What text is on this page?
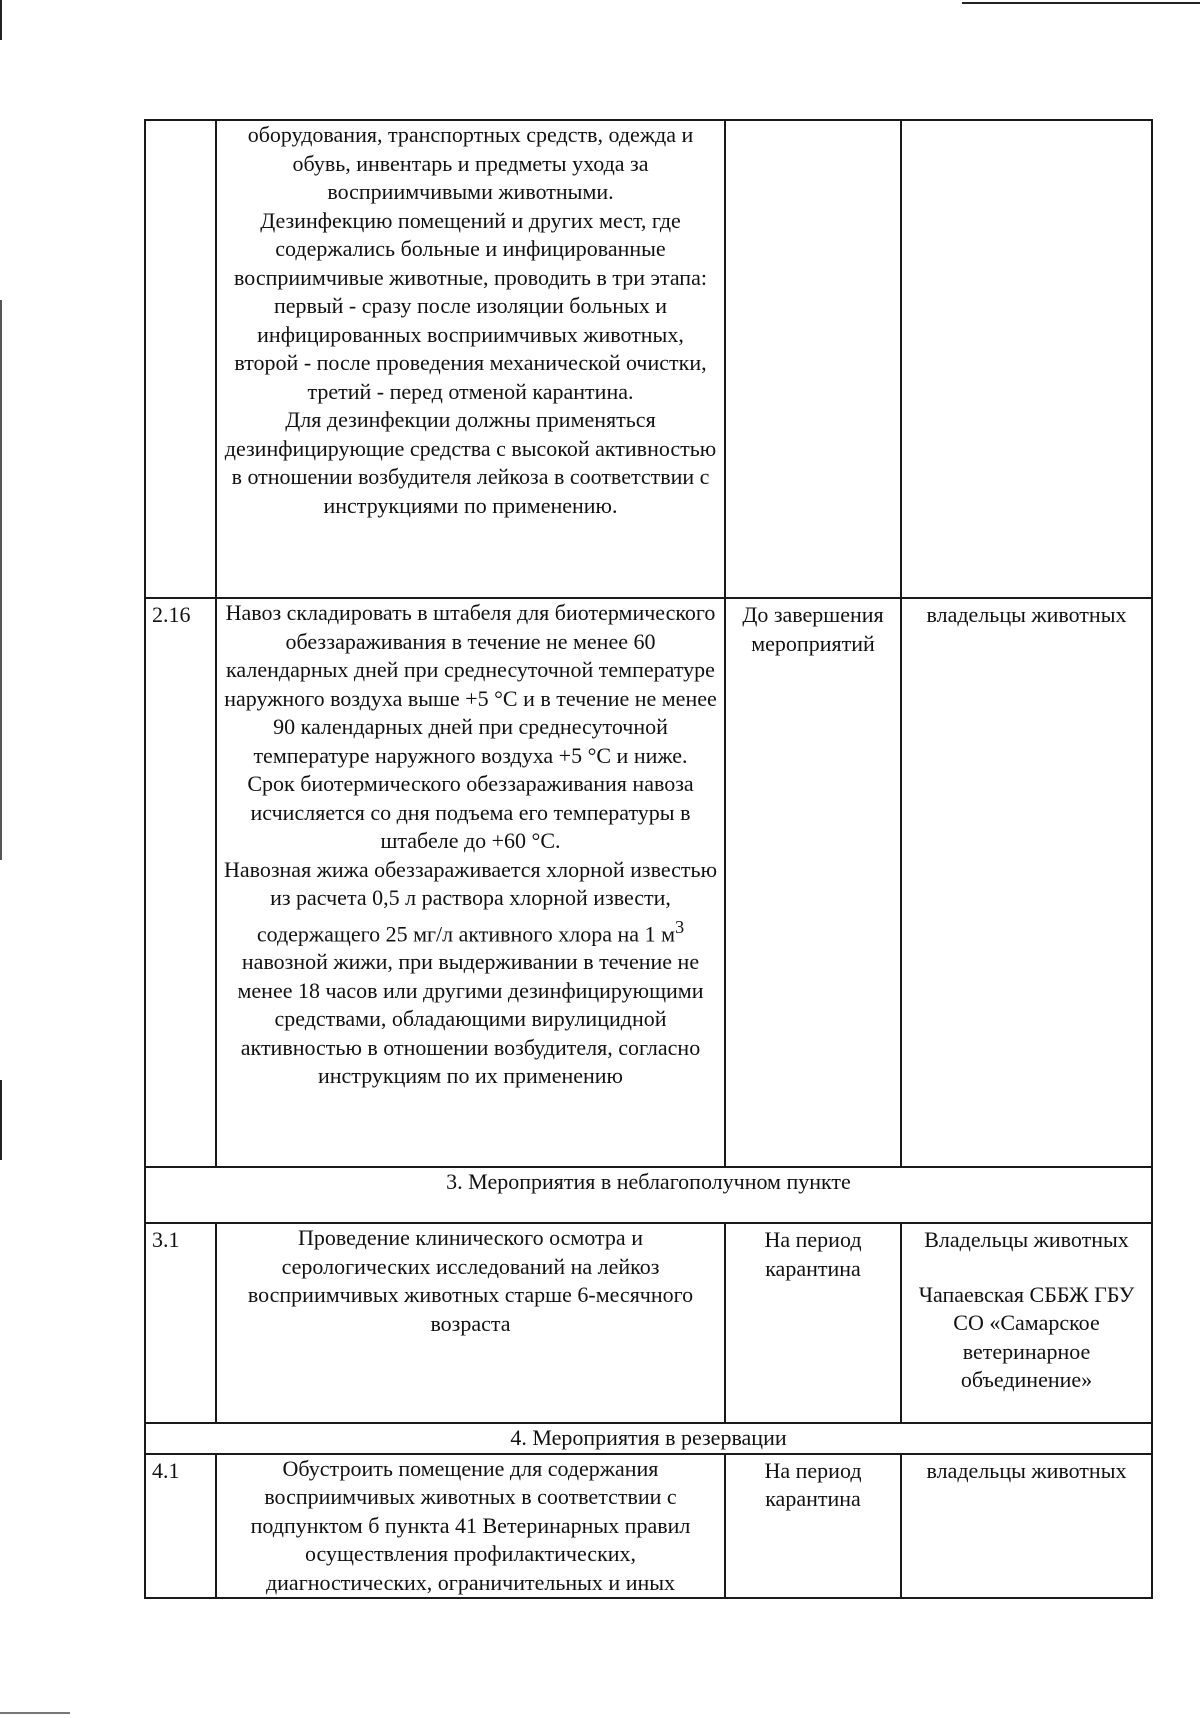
	оборудования, транспортных средств, одежда и обувь, инвентарь и предметы ухода за восприимчивыми животными.

Дезинфекцию помещений и других мест, где содержались больные и инфицированные восприимчивые животные, проводить в три этапа: первый - сразу после изоляции больных и инфицированных восприимчивых животных, второй - после проведения механической очистки, третий - перед отменой карантина.

Для дезинфекции должны применяться дезинфицирующие средства с высокой активностью в отношении возбудителя лейкоза в соответствии с инструкциями по применению.		

2.16	Навоз складировать в штабеля для биотермического обеззараживания в течение не менее 60 календарных дней при среднесуточной температуре наружного воздуха выше +5 °С и в течение не менее 90 календарных дней при среднесуточной температуре наружного воздуха +5 °С и ниже.

Срок биотермического обеззараживания навоза исчисляется со дня подъема его температуры в штабеле до +60 °С.

Навозная жижа обеззараживается хлорной известью из расчета 0,5 л раствора хлорной извести, содержащего 25 мг/л активного хлора на 1 $м^3$ навозной жижи, при выдерживании в течение не менее 18 часов или другими дезинфицирующими средствами, обладающими вирулицидной активностью в отношении возбудителя, согласно инструкциям по их применению	До завершения мероприятий	владельцы животных
3. Мероприятия в неблагополучном пункте			
3.1	Проведение клинического осмотра и серологических исследований на лейкоз восприимчивых животных старше 6-месячного возраста	На период карантина	Владельцы животных

Чапаевская СББЖ ГБУ СО «Самарское ветеринарное объединение»

4. Мероприятия в резервации			
4.1	Обустроить помещение для содержания восприимчивых животных в соответствии с подпунктом б пункта 41 Ветеринарных правил осуществления профилактических, диагностических, ограничительных и иных	На период карантина	владельцы животных
